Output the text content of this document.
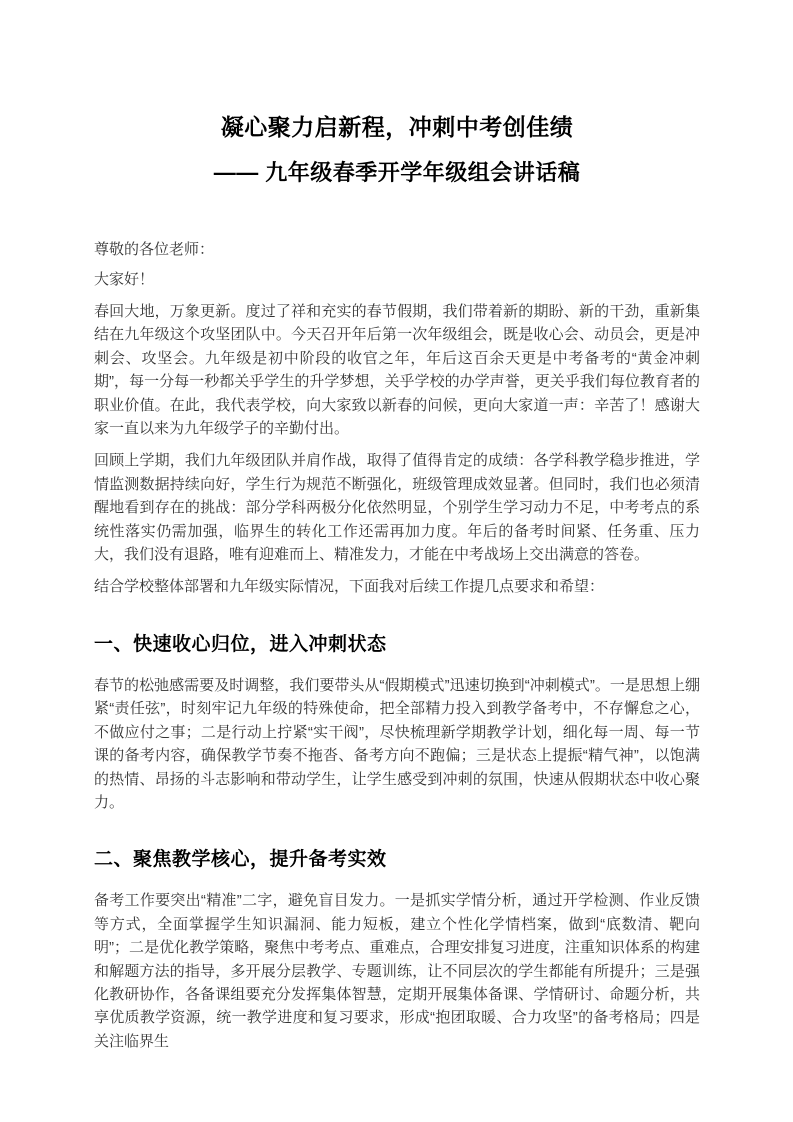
凝心聚力启新程，冲刺中考创佳绩
—— 九年级春季开学年级组会讲话稿

尊敬的各位老师：

大家好！

春回大地，万象更新。度过了祥和充实的春节假期，我们带着新的期盼、新的干劲，重新集结在九年级这个攻坚团队中。今天召开年后第一次年级组会，既是收心会、动员会，更是冲刺会、攻坚会。九年级是初中阶段的收官之年，年后这百余天更是中考备考的“黄金冲刺期”，每一分每一秒都关乎学生的升学梦想，关乎学校的办学声誉，更关乎我们每位教育者的职业价值。在此，我代表学校，向大家致以新春的问候，更向大家道一声：辛苦了！感谢大家一直以来为九年级学子的辛勤付出。

回顾上学期，我们九年级团队并肩作战，取得了值得肯定的成绩：各学科教学稳步推进，学情监测数据持续向好，学生行为规范不断强化，班级管理成效显著。但同时，我们也必须清醒地看到存在的挑战：部分学科两极分化依然明显，个别学生学习动力不足，中考考点的系统性落实仍需加强，临界生的转化工作还需再加力度。年后的备考时间紧、任务重、压力大，我们没有退路，唯有迎难而上、精准发力，才能在中考战场上交出满意的答卷。

结合学校整体部署和九年级实际情况，下面我对后续工作提几点要求和希望：

一、快速收心归位，进入冲刺状态

春节的松弛感需要及时调整，我们要带头从“假期模式”迅速切换到“冲刺模式”。一是思想上绷紧“责任弦”，时刻牢记九年级的特殊使命，把全部精力投入到教学备考中，不存懈怠之心，不做应付之事；二是行动上拧紧“实干阀”，尽快梳理新学期教学计划，细化每一周、每一节课的备考内容，确保教学节奏不拖沓、备考方向不跑偏；三是状态上提振“精气神”，以饱满的热情、昂扬的斗志影响和带动学生，让学生感受到冲刺的氛围，快速从假期状态中收心聚力。

二、聚焦教学核心，提升备考实效

备考工作要突出“精准”二字，避免盲目发力。一是抓实学情分析，通过开学检测、作业反馈等方式，全面掌握学生知识漏洞、能力短板，建立个性化学情档案，做到“底数清、靶向明”；二是优化教学策略，聚焦中考考点、重难点，合理安排复习进度，注重知识体系的构建和解题方法的指导，多开展分层教学、专题训练，让不同层次的学生都能有所提升；三是强化教研协作，各备课组要充分发挥集体智慧，定期开展集体备课、学情研讨、命题分析，共享优质教学资源，统一教学进度和复习要求，形成“抱团取暖、合力攻坚”的备考格局；四是关注临界生
